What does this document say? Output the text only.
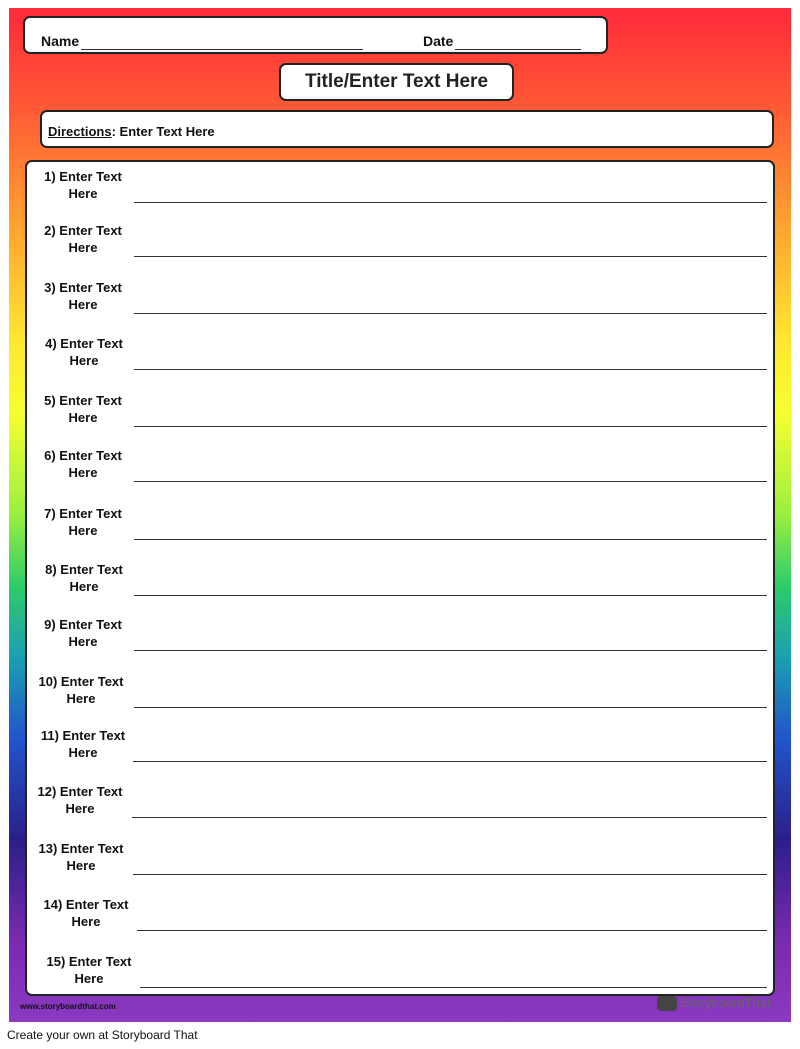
Name	Date
Title/Enter Text Here
Directions: Enter Text Here
1) Enter Text
Here
2) Enter Text
Here
3) Enter Text
Here
4) Enter Text
Here
5) Enter Text
Here
6) Enter Text
Here
7) Enter Text
Here
8) Enter Text
Here
9) Enter Text
Here
10) Enter Text
Here
11) Enter Text
Here
12) Enter Text
Here
13) Enter Text
Here
14) Enter Text
Here
15) Enter Text
Here
www.storyboardthat.com	StoryboardThat
Create your own at Storyboard That
